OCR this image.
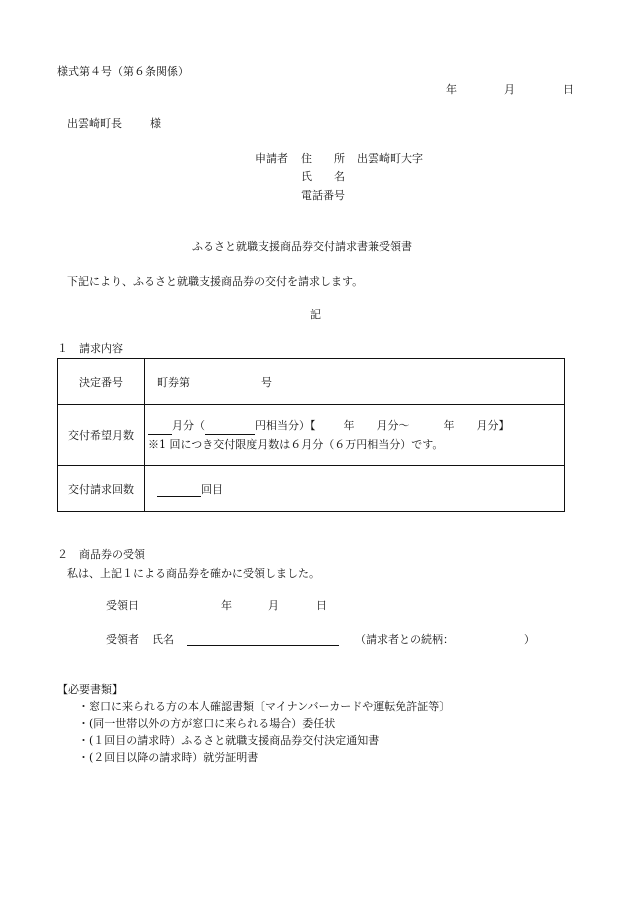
様式第４号（第６条関係）
年	月	日
出雲崎町長	様
申請者 住　　所 出雲崎町大字
氏　　名
電話番号
ふるさと就職支援商品券交付請求書兼受領書
下記により、ふるさと就職支援商品券の交付を請求します。
記
１　請求内容
決定番号	町券第 号
交付希望月数	月分（ 円相当分）【 年 月分～ 年 月分】
※1 回につき交付限度月数は６月分（６万円相当分）です。

交付請求回数	回目
２　商品券の受領
私は、上記１による商品券を確かに受領しました。
受領日	年	月	日
受領者 氏名	（請求者との続柄：	）
【必要書類】
・窓口に来られる方の本人確認書類〔マイナンバーカードや運転免許証等〕
・(同一世帯以外の方が窓口に来られる場合）委任状
・(１回目の請求時）ふるさと就職支援商品券交付決定通知書
・(２回目以降の請求時）就労証明書
